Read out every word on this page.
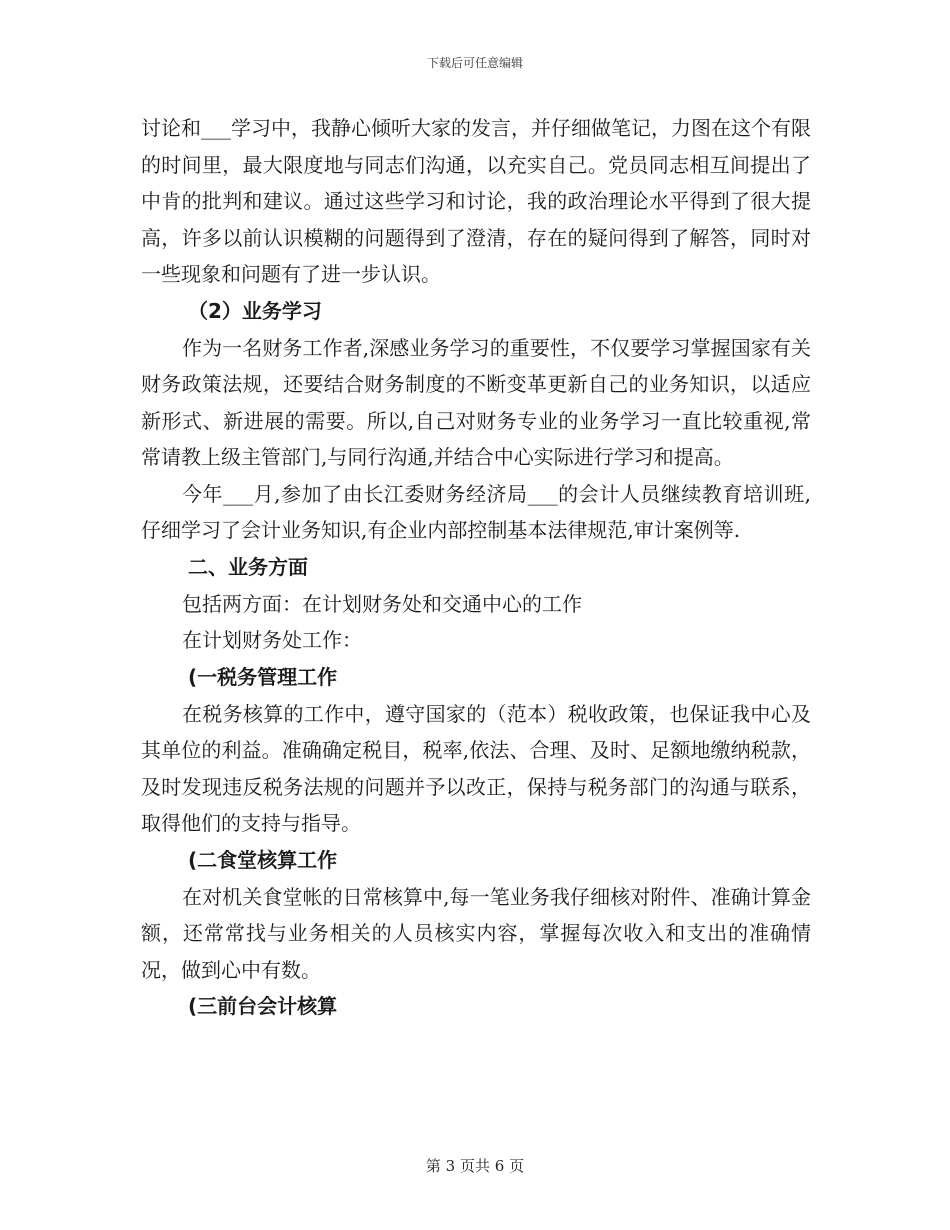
下载后可任意编辑

讨论和___学习中，我静心倾听大家的发言，并仔细做笔记，力图在这个有限的时间里，最大限度地与同志们沟通，以充实自己。党员同志相互间提出了中肯的批判和建议。通过这些学习和讨论，我的政治理论水平得到了很大提高，许多以前认识模糊的问题得到了澄清，存在的疑问得到了解答，同时对一些现象和问题有了进一步认识。

（2）业务学习

作为一名财务工作者,深感业务学习的重要性，不仅要学习掌握国家有关财务政策法规，还要结合财务制度的不断变革更新自己的业务知识，以适应新形式、新进展的需要。所以,自己对财务专业的业务学习一直比较重视,常常请教上级主管部门,与同行沟通,并结合中心实际进行学习和提高。

今年___月,参加了由长江委财务经济局___的会计人员继续教育培训班,仔细学习了会计业务知识,有企业内部控制基本法律规范,审计案例等.

二、业务方面

包括两方面：在计划财务处和交通中心的工作

在计划财务处工作：

(一税务管理工作

在税务核算的工作中，遵守国家的（范本）税收政策，也保证我中心及其单位的利益。准确确定税目，税率,依法、合理、及时、足额地缴纳税款，及时发现违反税务法规的问题并予以改正，保持与税务部门的沟通与联系，取得他们的支持与指导。

(二食堂核算工作

在对机关食堂帐的日常核算中,每一笔业务我仔细核对附件、准确计算金额，还常常找与业务相关的人员核实内容，掌握每次收入和支出的准确情况，做到心中有数。

(三前台会计核算

第 3 页共 6 页
